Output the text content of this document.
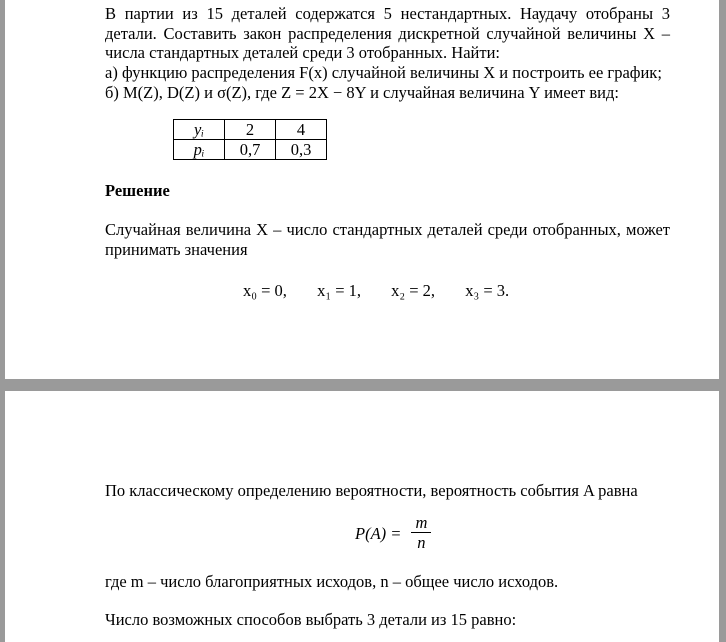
В партии из 15 деталей содержатся 5 нестандартных. Наудачу отобраны 3
детали. Составить закон распределения дискретной случайной величины X –
числа стандартных деталей среди 3 отобранных. Найти:
а) функцию распределения F(x) случайной величины X и построить ее график;
б) M(Z), D(Z) и σ(Z), где Z = 2X − 8Y и случайная величина Y имеет вид:
yᵢ	2	4
pᵢ	0,7	0,3
Решение
Случайная величина X – число стандартных деталей среди отобранных, может
принимать значения
x₀ = 0, x₁ = 1, x₂ = 2, x₃ = 3.
По классическому определению вероятности, вероятность события A равна
$P(A) = \frac{m}{n}$
где m – число благоприятных исходов, n – общее число исходов.
Число возможных способов выбрать 3 детали из 15 равно:
